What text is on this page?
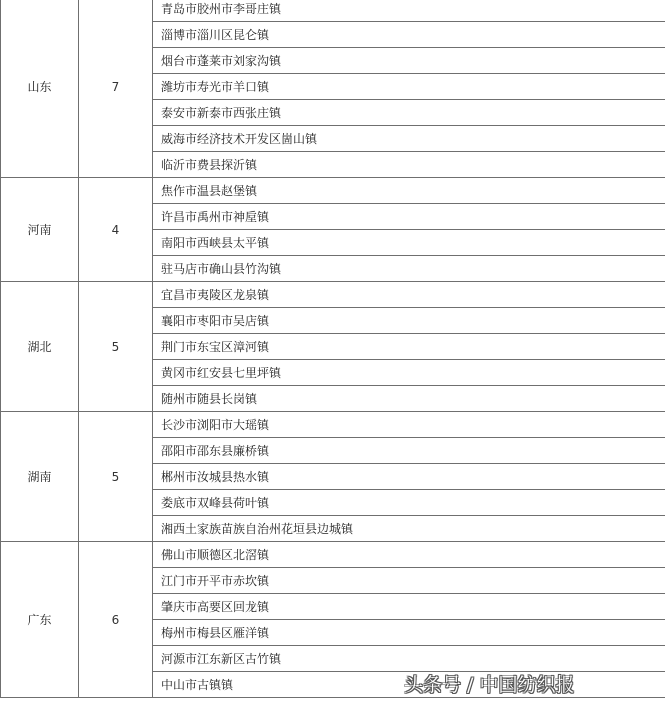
山东	7	青岛市胶州市李哥庄镇
		淄博市淄川区昆仑镇
		烟台市蓬莱市刘家沟镇
		潍坊市寿光市羊口镇
		泰安市新泰市西张庄镇
		威海市经济技术开发区崮山镇
		临沂市费县探沂镇
河南	4	焦作市温县赵堡镇
		许昌市禹州市神垕镇
		南阳市西峡县太平镇
		驻马店市确山县竹沟镇
湖北	5	宜昌市夷陵区龙泉镇
		襄阳市枣阳市吴店镇
		荆门市东宝区漳河镇
		黄冈市红安县七里坪镇
		随州市随县长岗镇
湖南	5	长沙市浏阳市大瑶镇
		邵阳市邵东县廉桥镇
		郴州市汝城县热水镇
		娄底市双峰县荷叶镇
		湘西土家族苗族自治州花垣县边城镇
广东	6	佛山市顺德区北滘镇
		江门市开平市赤坎镇
		肇庆市高要区回龙镇
		梅州市梅县区雁洋镇
		河源市江东新区古竹镇
		中山市古镇镇	头条号 / 中国纺织报
